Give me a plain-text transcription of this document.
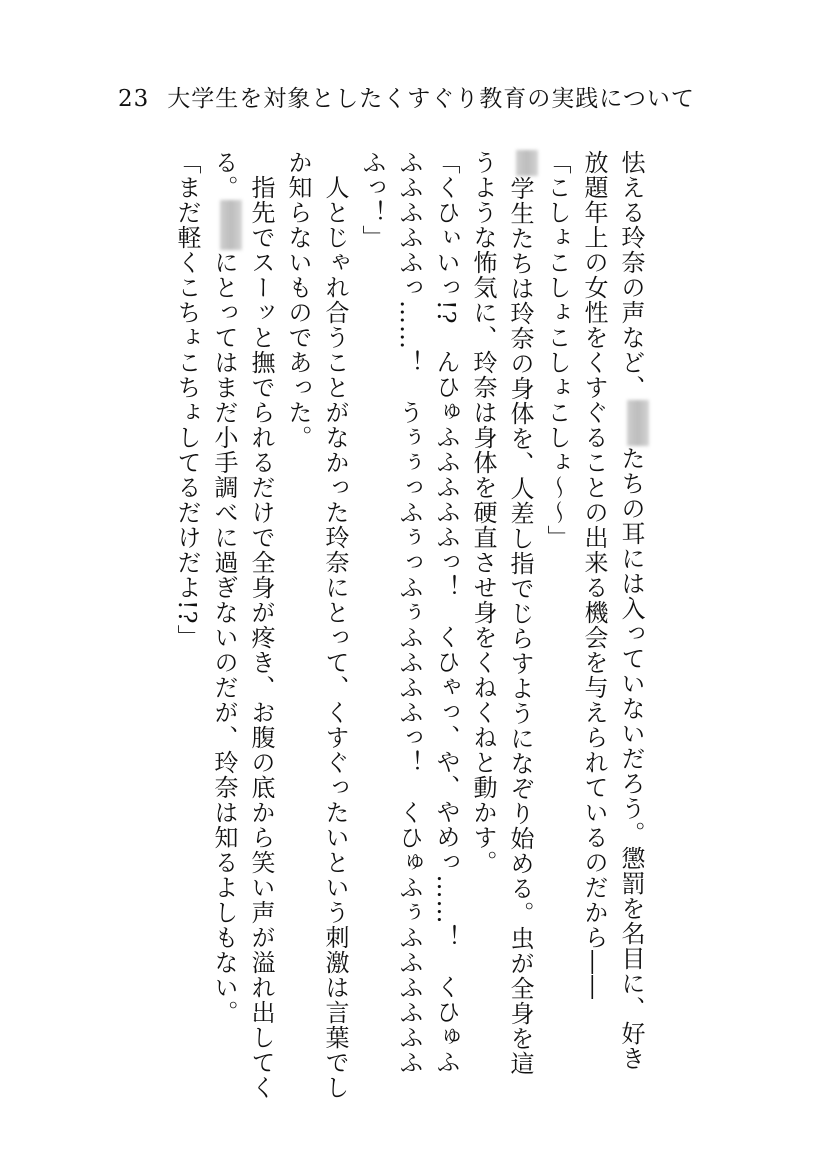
23 大学生を対象としたくすぐり教育の実践について
怯える玲奈の声など、たちの耳には入っていないだろう。懲罰を名目に、好き
放題年上の女性をくすぐることの出来る機会を与えられているのだから――
「こしょこしょこしょこしょ～～」
学生たちは玲奈の身体を、人差し指でじらすようになぞり始める。虫が全身を這
うような怖気に、玲奈は身体を硬直させ身をくねくねと動かす。
「くひぃいっ!?　んひゅふふふふふっ！　くひゃっ、や、やめっ……！　くひゅふ
ふふふふふっ……！　うぅぅっふぅっふぅふふふふっ！　くひゅふぅふふふふふふ
ふっ！」
　人とじゃれ合うことがなかった玲奈にとって、くすぐったいという刺激は言葉でし
か知らないものであった。
　指先でスーッと撫でられるだけで全身が疼き、お腹の底から笑い声が溢れ出してく
る。にとってはまだ小手調べに過ぎないのだが、玲奈は知るよしもない。
「まだ軽くこちょこちょしてるだけだよ!?」
